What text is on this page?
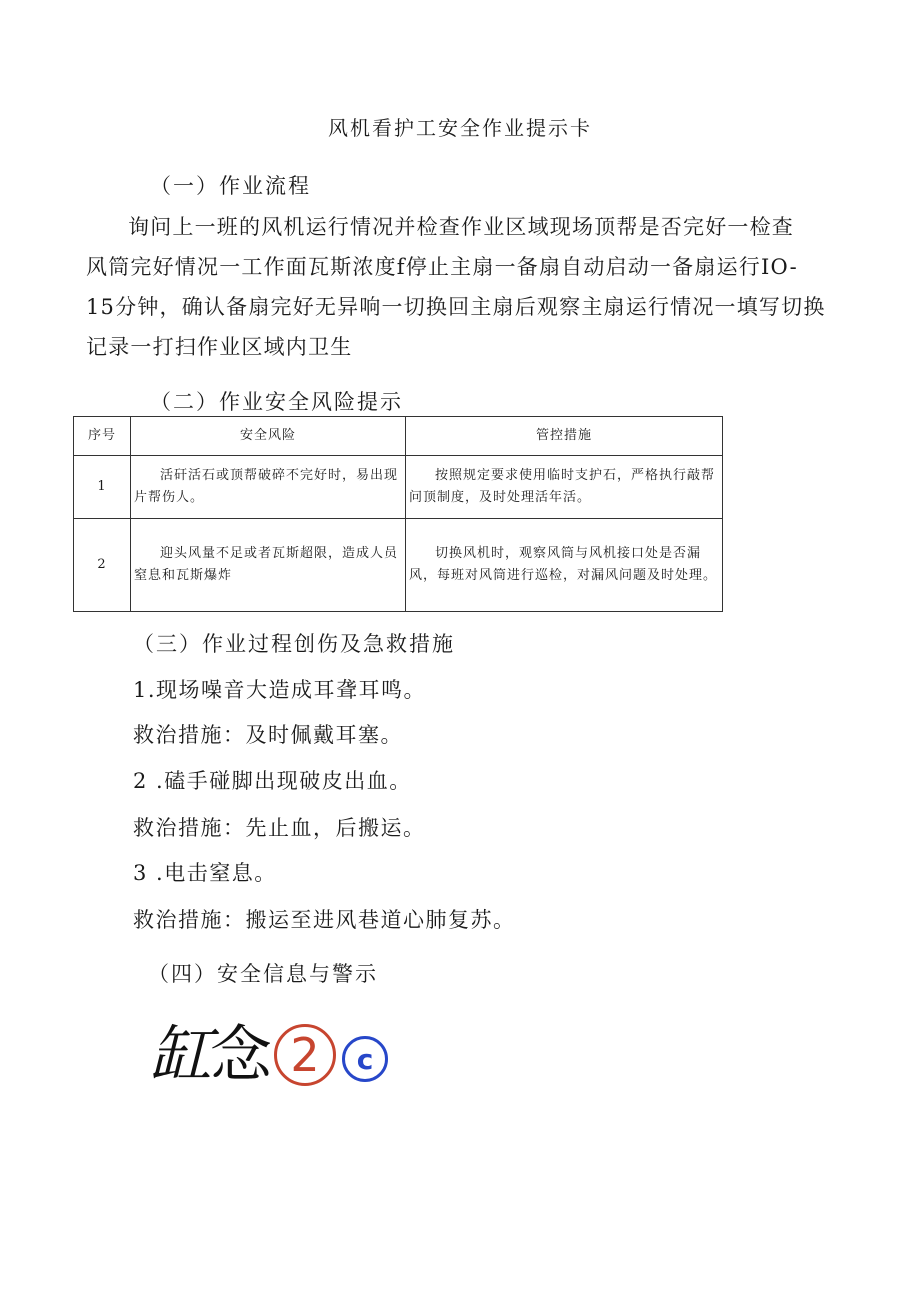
风机看护工安全作业提示卡
（一）作业流程
询问上一班的风机运行情况并检查作业区域现场顶帮是否完好一检查
风筒完好情况一工作面瓦斯浓度f停止主扇一备扇自动启动一备扇运行IO-
15分钟，确认备扇完好无异响一切换回主扇后观察主扇运行情况一填写切换
记录一打扫作业区域内卫生
（二）作业安全风险提示
序号	安全风险	管控措施
1	活矸活石或顶帮破碎不完好时，易出现片帮伤人。	按照规定要求使用临时支护石，严格执行敲帮问顶制度，及时处理活年活。

2	迎头风量不足或者瓦斯超限，造成人员窒息和瓦斯爆炸	切换风机时，观察风筒与风机接口处是否漏风，每班对风筒进行巡检，对漏风问题及时处理。
（三）作业过程创伤及急救措施
1.现场噪音大造成耳聋耳鸣。
救治措施：及时佩戴耳塞。
2 .磕手碰脚出现破皮出血。
救治措施：先止血，后搬运。
3 .电击窒息。
救治措施：搬运至进风巷道心肺复苏。
（四）安全信息与警示
缸 念 2	c
